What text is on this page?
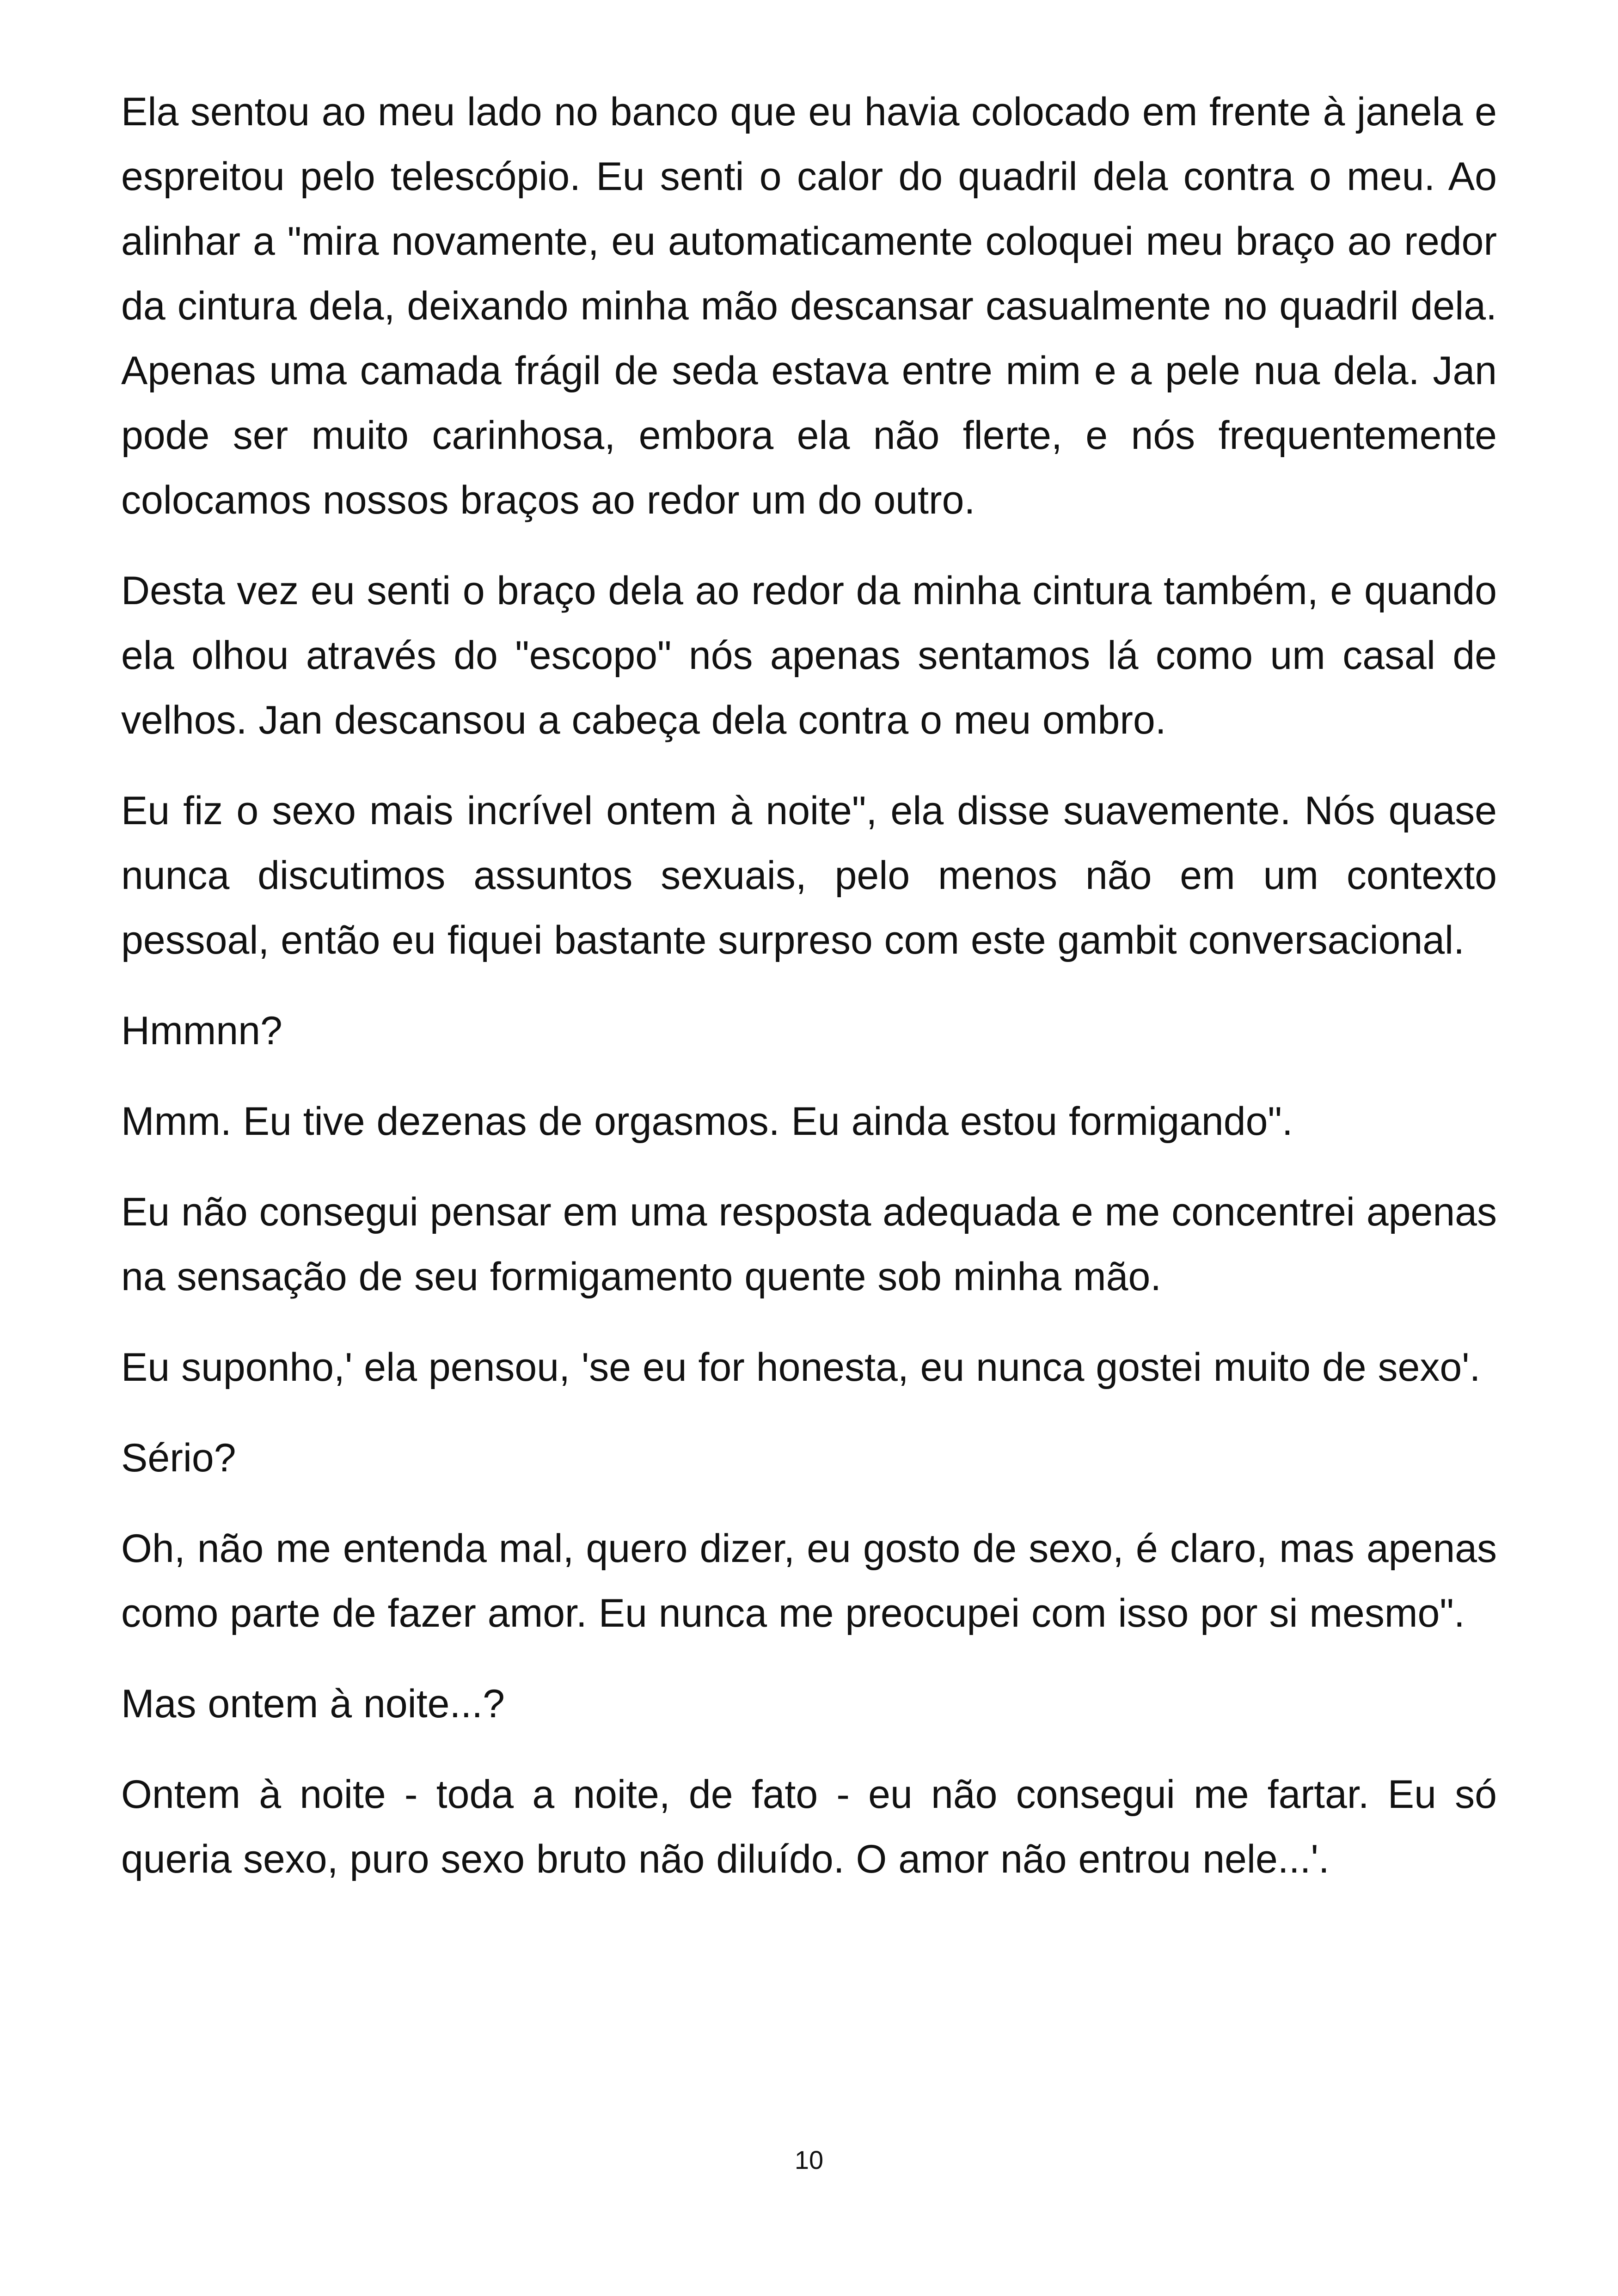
Ela sentou ao meu lado no banco que eu havia colocado em frente à janela e espreitou pelo telescópio. Eu senti o calor do quadril dela contra o meu. Ao alinhar a "mira novamente, eu automaticamente coloquei meu braço ao redor da cintura dela, deixando minha mão descansar casualmente no quadril dela. Apenas uma camada frágil de seda estava entre mim e a pele nua dela. Jan pode ser muito carinhosa, embora ela não flerte, e nós frequentemente colocamos nossos braços ao redor um do outro.

Desta vez eu senti o braço dela ao redor da minha cintura também, e quando ela olhou através do "escopo" nós apenas sentamos lá como um casal de velhos. Jan descansou a cabeça dela contra o meu ombro.

Eu fiz o sexo mais incrível ontem à noite", ela disse suavemente. Nós quase nunca discutimos assuntos sexuais, pelo menos não em um contexto pessoal, então eu fiquei bastante surpreso com este gambit conversacional.

Hmmnn?

Mmm. Eu tive dezenas de orgasmos. Eu ainda estou formigando".

Eu não consegui pensar em uma resposta adequada e me concentrei apenas na sensação de seu formigamento quente sob minha mão.

Eu suponho,' ela pensou, 'se eu for honesta, eu nunca gostei muito de sexo'.

Sério?

Oh, não me entenda mal, quero dizer, eu gosto de sexo, é claro, mas apenas como parte de fazer amor. Eu nunca me preocupei com isso por si mesmo".

Mas ontem à noite...?

Ontem à noite - toda a noite, de fato - eu não consegui me fartar. Eu só queria sexo, puro sexo bruto não diluído. O amor não entrou nele...'.

10
